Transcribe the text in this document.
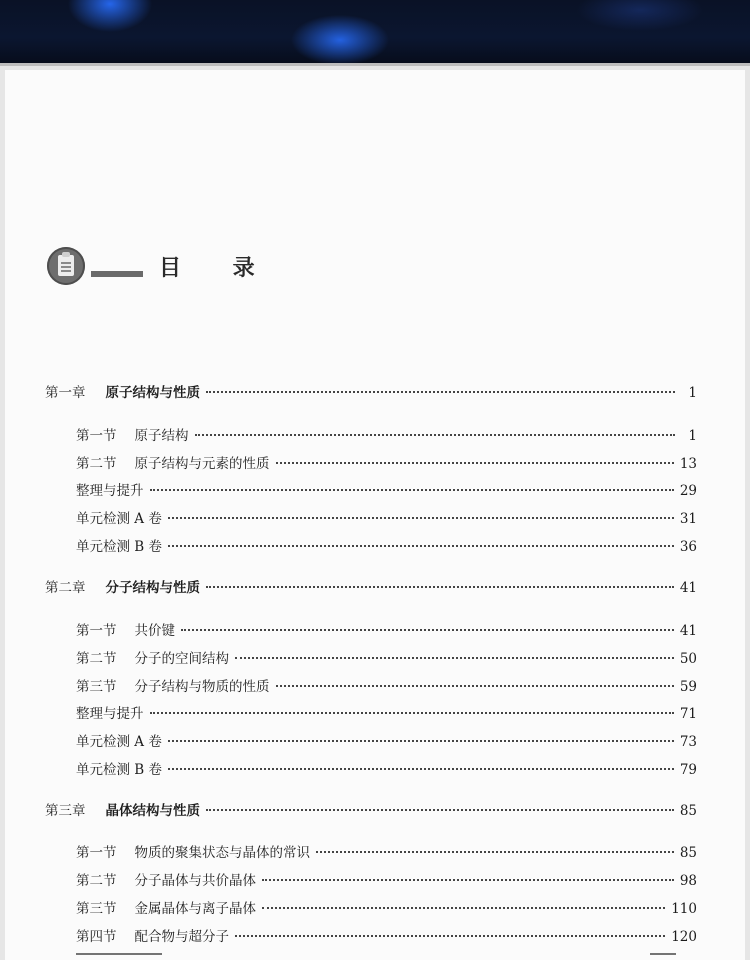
目 录
第一章 原子结构与性质	1
第一节 原子结构	1
第二节 原子结构与元素的性质	13
整理与提升	29
单元检测 A 卷	31
单元检测 B 卷	36
第二章 分子结构与性质	41
第一节 共价键	41
第二节 分子的空间结构	50
第三节 分子结构与物质的性质	59
整理与提升	71
单元检测 A 卷	73
单元检测 B 卷	79
第三章 晶体结构与性质	85
第一节 物质的聚集状态与晶体的常识	85
第二节 分子晶体与共价晶体	98
第三节 金属晶体与离子晶体	110
第四节 配合物与超分子	120
